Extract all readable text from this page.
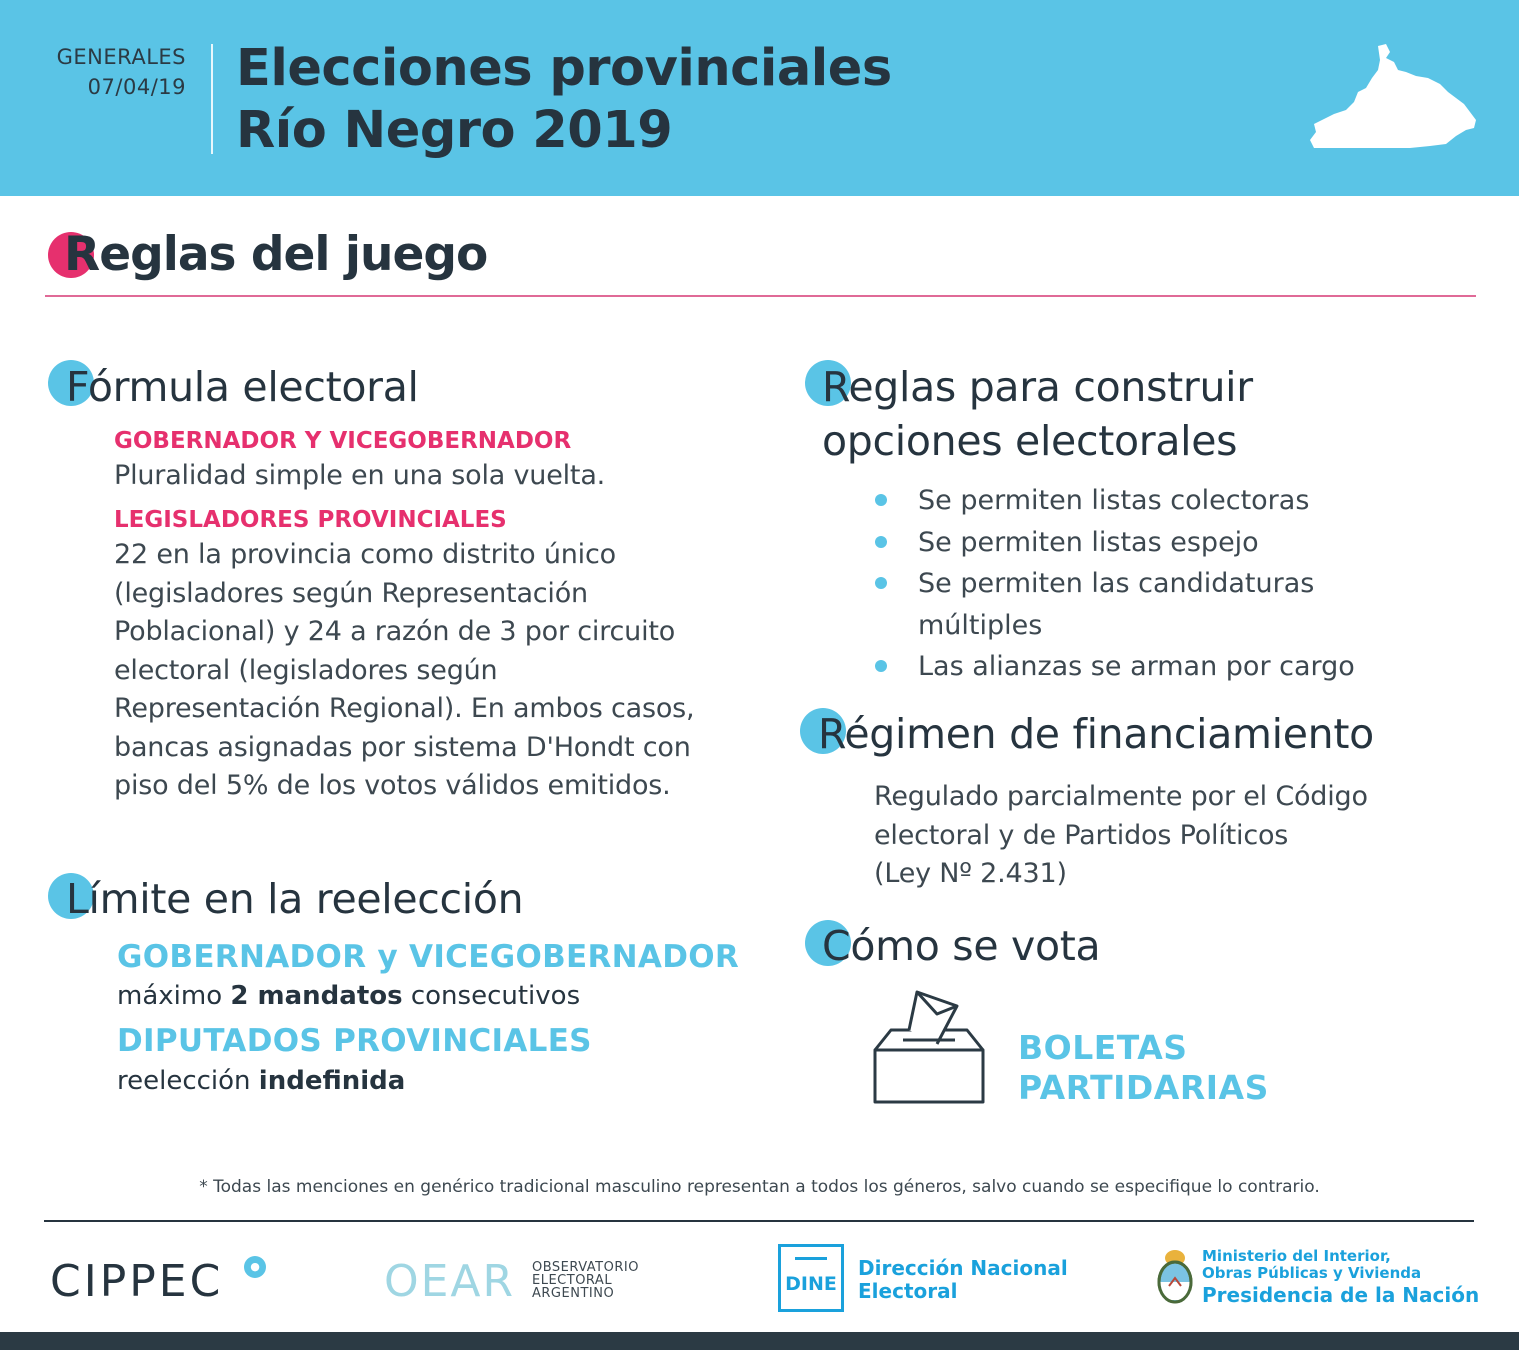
GENERALES
07/04/19 Elecciones provinciales
Río Negro 2019
Reglas del juego
Fórmula electoral
GOBERNADOR Y VICEGOBERNADOR
Pluralidad simple en una sola vuelta.
LEGISLADORES PROVINCIALES
22 en la provincia como distrito único
(legisladores según Representación
Poblacional) y 24 a razón de 3 por circuito
electoral (legisladores según
Representación Regional). En ambos casos,
bancas asignadas por sistema D'Hondt con
piso del 5% de los votos válidos emitidos.
Límite en la reelección
GOBERNADOR y VICEGOBERNADOR
máximo 2 mandatos consecutivos
DIPUTADOS PROVINCIALES
reelección indefinida
Reglas para construir
opciones electorales
Se permiten listas colectoras
Se permiten listas espejo
Se permiten las candidaturas múltiples
Las alianzas se arman por cargo
Régimen de financiamiento
Regulado parcialmente por el Código
electoral y de Partidos Políticos
(Ley Nº 2.431)
Cómo se vota
BOLETAS
PARTIDARIAS
* Todas las menciones en genérico tradicional masculino representan a todos los géneros, salvo cuando se especifique lo contrario.
CIPPEC	●	OEAR OBSERVATORIO
ELECTORAL
ARGENTINO	DINE
Dirección Nacional
Electoral
Ministerio del Interior,
Obras Públicas y Vivienda
Presidencia de la Nación
